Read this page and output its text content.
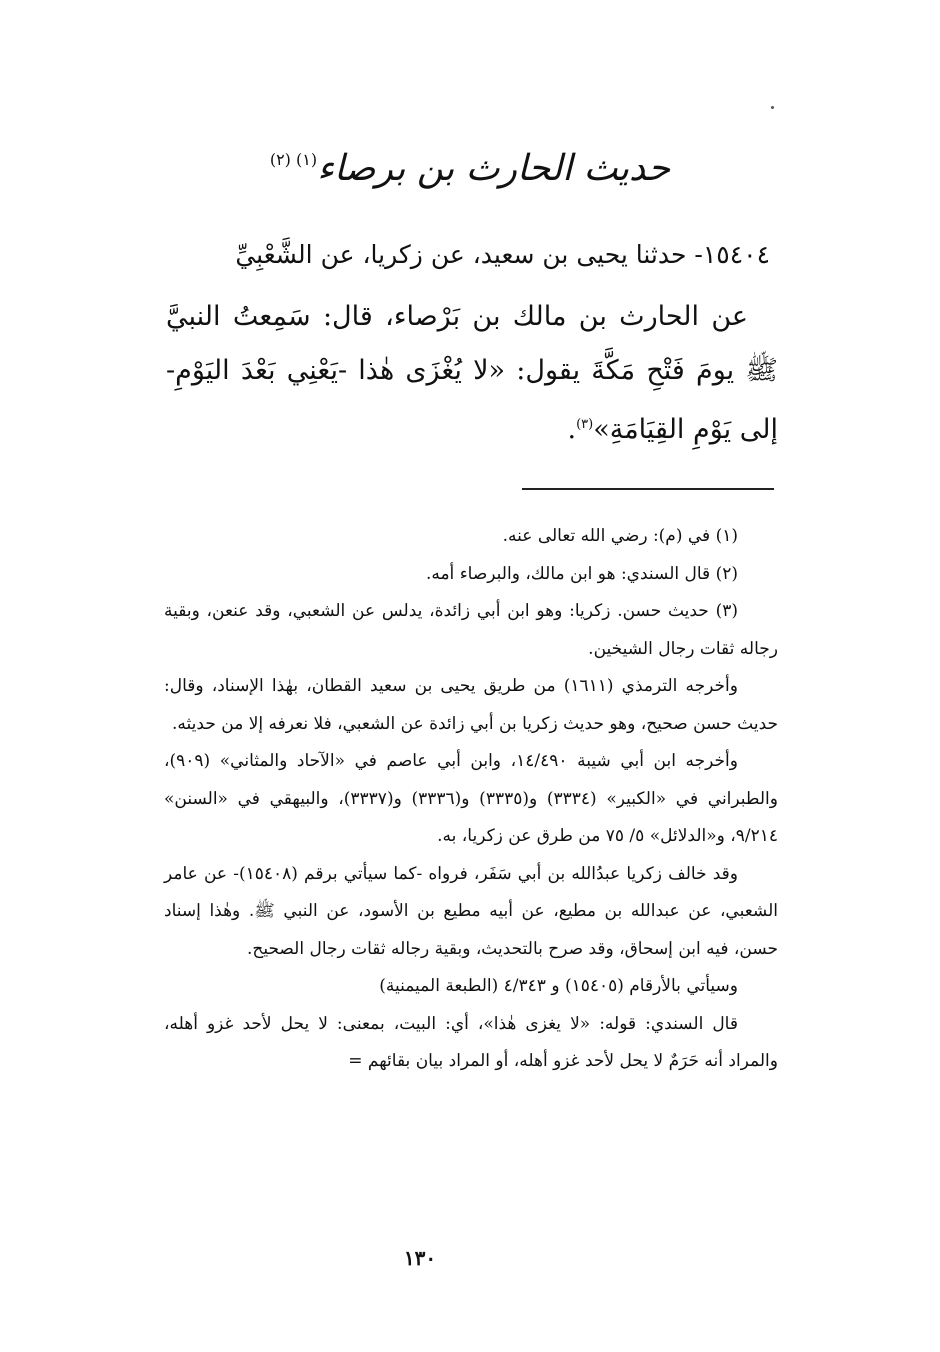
حديث الحارث بن برصاء$^{(١) (٢)}$
١٥٤٠٤- حدثنا يحيى بن سعيد، عن زكريا، عن الشَّعْبِيِّ
عن الحارث بن مالك بن بَرْصاء، قال: سَمِعتُ النبيَّ ﷺ يومَ فَتْحِ مَكَّةَ يقول: «لا يُغْزَى هٰذا -يَعْنِي بَعْدَ اليَوْمِ- إلى يَوْمِ القِيَامَةِ»$^{(٣)}$.

(١) في (م): رضي الله تعالى عنه.

(٢) قال السندي: هو ابن مالك، والبرصاء أمه.

(٣) حديث حسن. زكريا: وهو ابن أبي زائدة، يدلس عن الشعبي، وقد عنعن، وبقية رجاله ثقات رجال الشيخين.

وأخرجه الترمذي (١٦١١) من طريق يحيى بن سعيد القطان، بهٰذا الإسناد، وقال: حديث حسن صحيح، وهو حديث زكريا بن أبي زائدة عن الشعبي، فلا نعرفه إلا من حديثه.

وأخرجه ابن أبي شيبة ١٤/٤٩٠، وابن أبي عاصم في «الآحاد والمثاني» (٩٠٩)، والطبراني في «الكبير» (٣٣٣٤) و(٣٣٣٥) و(٣٣٣٦) و(٣٣٣٧)، والبيهقي في «السنن» ٩/٢١٤، و«الدلائل» ٥/ ٧٥ من طرق عن زكريا، به.

وقد خالف زكريا عبدُالله بن أبي سَفَر، فرواه -كما سيأتي برقم (١٥٤٠٨)- عن عامر الشعبي، عن عبدالله بن مطيع، عن أبيه مطيع بن الأسود، عن النبي ﷺ. وهٰذا إسناد حسن، فيه ابن إسحاق، وقد صرح بالتحديث، وبقية رجاله ثقات رجال الصحيح.

وسيأتي بالأرقام (١٥٤٠٥) و ٤/٣٤٣ (الطبعة الميمنية)

قال السندي: قوله: «لا يغزى هٰذا»، أي: البيت، بمعنى: لا يحل لأحد غزو أهله، والمراد أنه حَرَمٌ لا يحل لأحد غزو أهله، أو المراد بيان بقائهم =

١٣٠
